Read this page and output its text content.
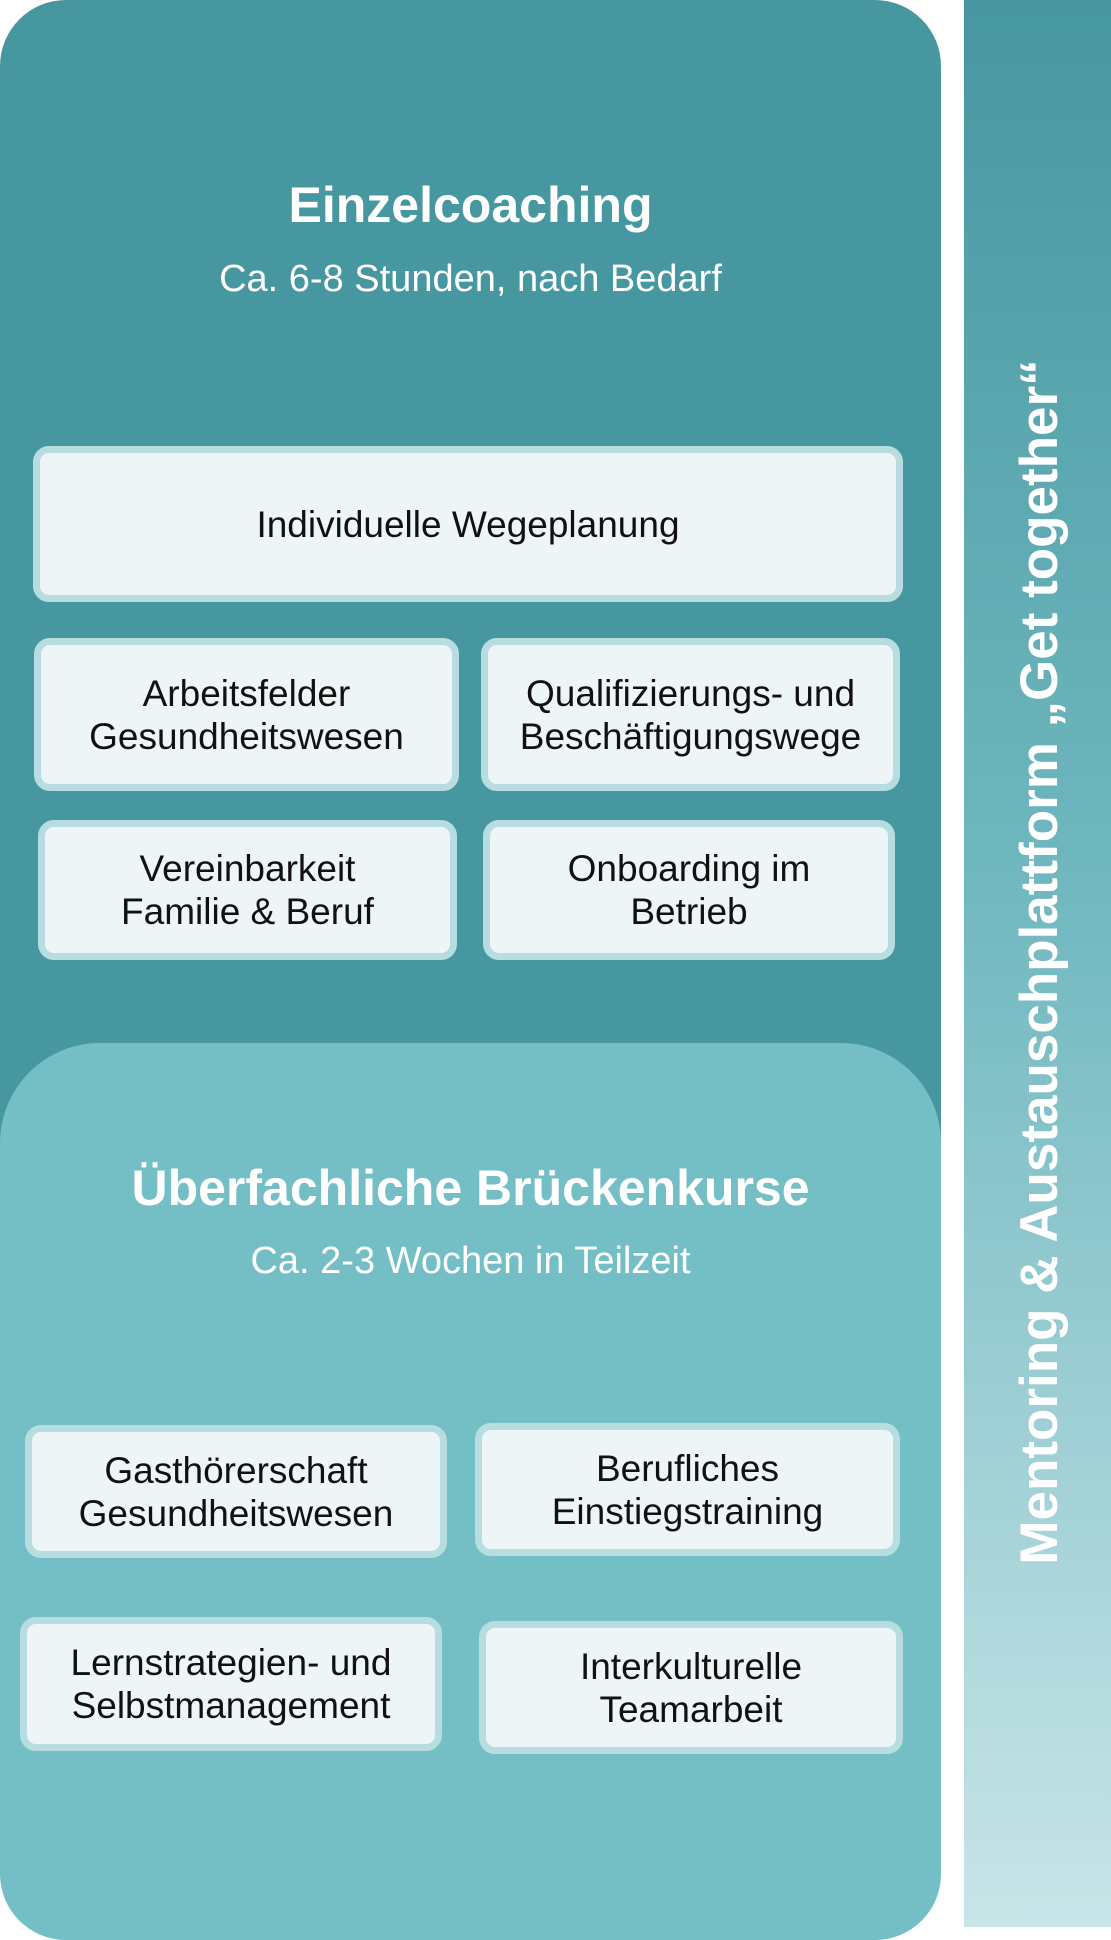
Einzelcoaching
Ca. 6-8 Stunden, nach Bedarf
Individuelle Wegeplanung
Arbeitsfelder
Gesundheitswesen
Qualifizierungs- und
Beschäftigungswege
Vereinbarkeit
Familie & Beruf
Onboarding im
Betrieb
Überfachliche Brückenkurse
Ca. 2-3 Wochen in Teilzeit
Gasthörerschaft
Gesundheitswesen
Berufliches
Einstiegstraining
Lernstrategien- und
Selbstmanagement
Interkulturelle
Teamarbeit
Mentoring & Austauschplattform „Get together“
